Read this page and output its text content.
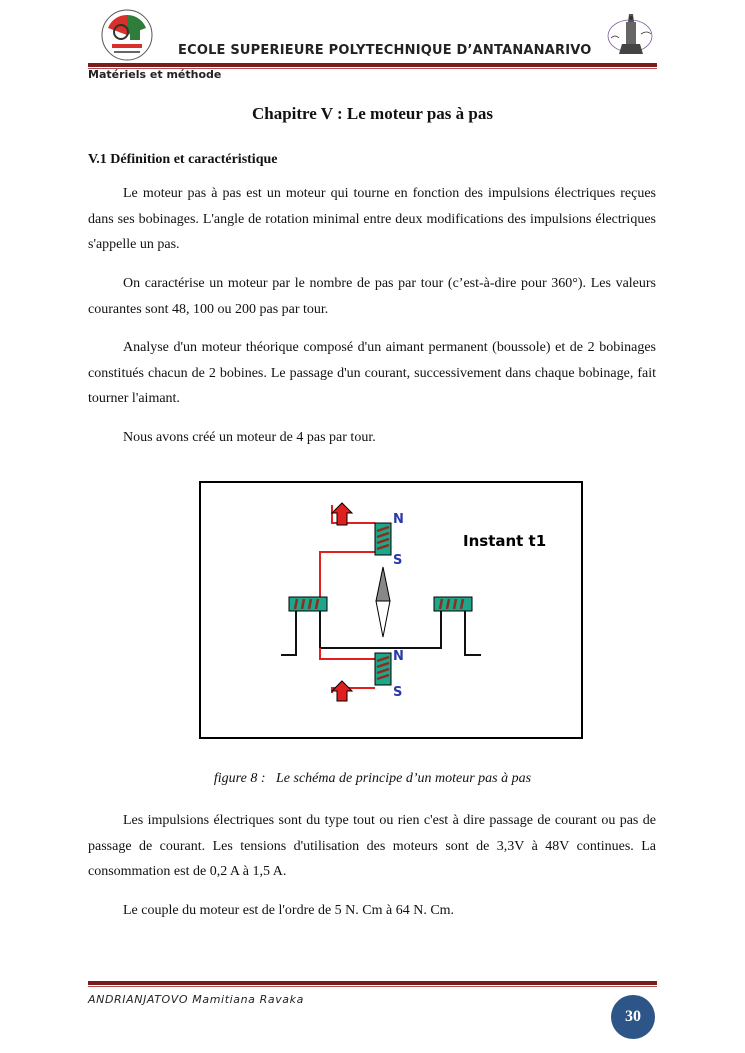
ECOLE SUPERIEURE POLYTECHNIQUE D’ANTANANARIVO
Matériels et méthode
Chapitre V : Le moteur pas à pas
V.1 Définition et caractéristique
Le moteur pas à pas est un moteur qui tourne en fonction des impulsions électriques reçues dans ses bobinages. L'angle de rotation minimal entre deux modifications des impulsions électriques s'appelle un pas.
On caractérise un moteur par le nombre de pas par tour (c’est-à-dire pour 360°). Les valeurs courantes sont 48, 100 ou 200 pas par tour.
Analyse d'un moteur théorique composé d'un aimant permanent (boussole) et de 2 bobinages constitués chacun de 2 bobines. Le passage d'un courant, successivement dans chaque bobinage, fait tourner l'aimant.
Nous avons créé un moteur de 4 pas par tour.
N
S
N
S
Instant t1
figure 8 :   Le schéma de principe d’un moteur pas à pas
Les impulsions électriques sont du type tout ou rien c'est à dire passage de courant ou pas de passage de courant. Les tensions d'utilisation des moteurs sont de 3,3V à 48V continues. La consommation est de 0,2 A à 1,5 A.
Le couple du moteur est de l'ordre de 5 N. Cm à 64 N. Cm.
ANDRIANJATOVO Mamitiana Ravaka
30
